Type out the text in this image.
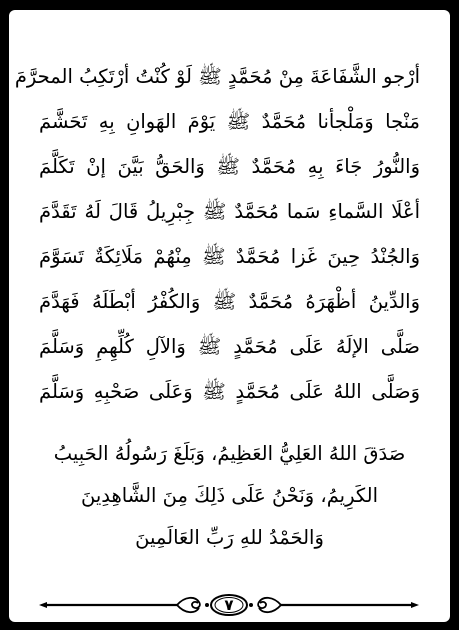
أرْجو الشَّفَاعَةَ مِنْ مُحَمَّدٍ ﷺ لَوْ كُنْتُ أرْتَكِبُ المحرَّمَ
مَنْجا وَمَلْجأنا مُحَمَّدٌ ﷺ يَوْمَ الهَوانِ بِهِ تَحَشَّمَ
وَالنُّورُ جَاءَ بِهِ مُحَمَّدٌ ﷺ وَالحَقُّ بَيَّنَ إنْ تَكَلَّمَ
أعْلَا السَّماءِ سَما مُحَمَّدٌ ﷺ جِبْرِيلُ قَالَ لَهُ تَقَدَّمَ
وَالجُنْدُ حِينَ غَزا مُحَمَّدٌ ﷺ مِنْهُمْ مَلَائِكَةٌ تَسَوَّمَ
وَالدِّينُ أظْهَرَهُ مُحَمَّدٌ ﷺ وَالكُفْرُ أبْطَلَهُ فَهَدَّمَ
صَلَّى الإلَهُ عَلَى مُحَمَّدٍ ﷺ وَالآلِ كُلِّهِمِ وَسَلَّمَ
وَصَلَّى اللهُ عَلَى مُحَمَّدٍ ﷺ وَعَلَى صَحْبِهِ وَسَلَّمَ
صَدَقَ اللهُ العَلِيُّ العَظِيمُ، وَبَلَغَ رَسُولُهُ الحَبِيبُ
الكَرِيمُ، وَنَحْنُ عَلَى ذَلِكَ مِنَ الشَّاهِدِينَ
وَالحَمْدُ للهِ رَبِّ العَالَمِينَ
٧
